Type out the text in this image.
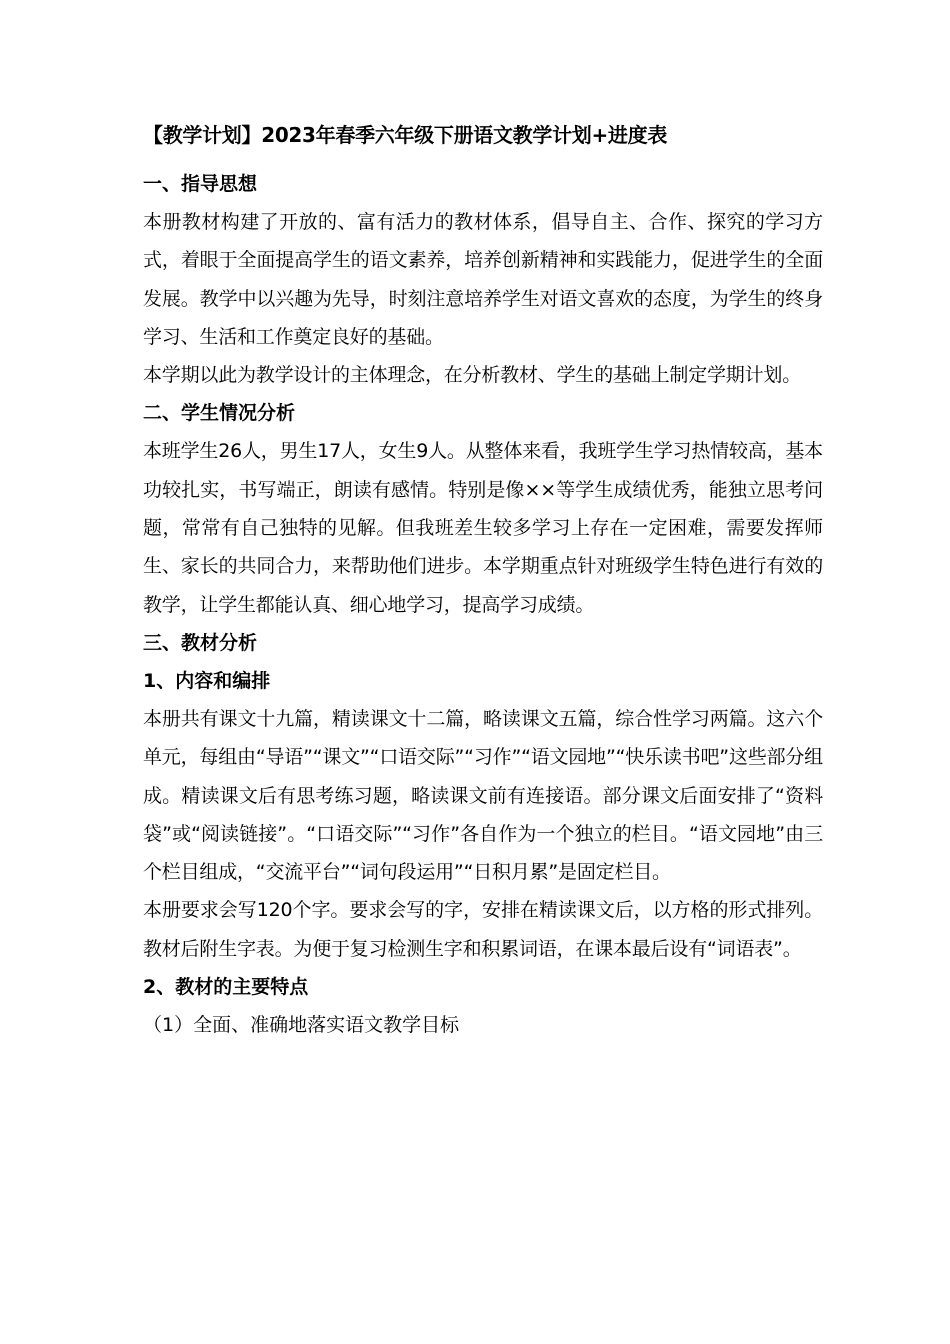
【教学计划】2023年春季六年级下册语文教学计划+进度表
一、指导思想

本册教材构建了开放的、富有活力的教材体系，倡导自主、合作、探究的学习方式，着眼于全面提高学生的语文素养，培养创新精神和实践能力，促进学生的全面发展。教学中以兴趣为先导，时刻注意培养学生对语文喜欢的态度，为学生的终身学习、生活和工作奠定良好的基础。

本学期以此为教学设计的主体理念，在分析教材、学生的基础上制定学期计划。

二、学生情况分析

本班学生26人，男生17人，女生9人。从整体来看，我班学生学习热情较高，基本功较扎实，书写端正，朗读有感情。特别是像××等学生成绩优秀，能独立思考问题，常常有自己独特的见解。但我班差生较多学习上存在一定困难，需要发挥师生、家长的共同合力，来帮助他们进步。本学期重点针对班级学生特色进行有效的教学，让学生都能认真、细心地学习，提高学习成绩。

三、教材分析
1、内容和编排

本册共有课文十九篇，精读课文十二篇，略读课文五篇，综合性学习两篇。这六个单元，每组由“导语”“课文”“口语交际”“习作”“语文园地”“快乐读书吧”这些部分组成。精读课文后有思考练习题，略读课文前有连接语。部分课文后面安排了“资料袋”或“阅读链接”。“口语交际”“习作”各自作为一个独立的栏目。“语文园地”由三个栏目组成，“交流平台”“词句段运用”“日积月累”是固定栏目。

本册要求会写120个字。要求会写的字，安排在精读课文后，以方格的形式排列。教材后附生字表。为便于复习检测生字和积累词语，在课本最后设有“词语表”。

2、教材的主要特点
（1）全面、准确地落实语文教学目标
